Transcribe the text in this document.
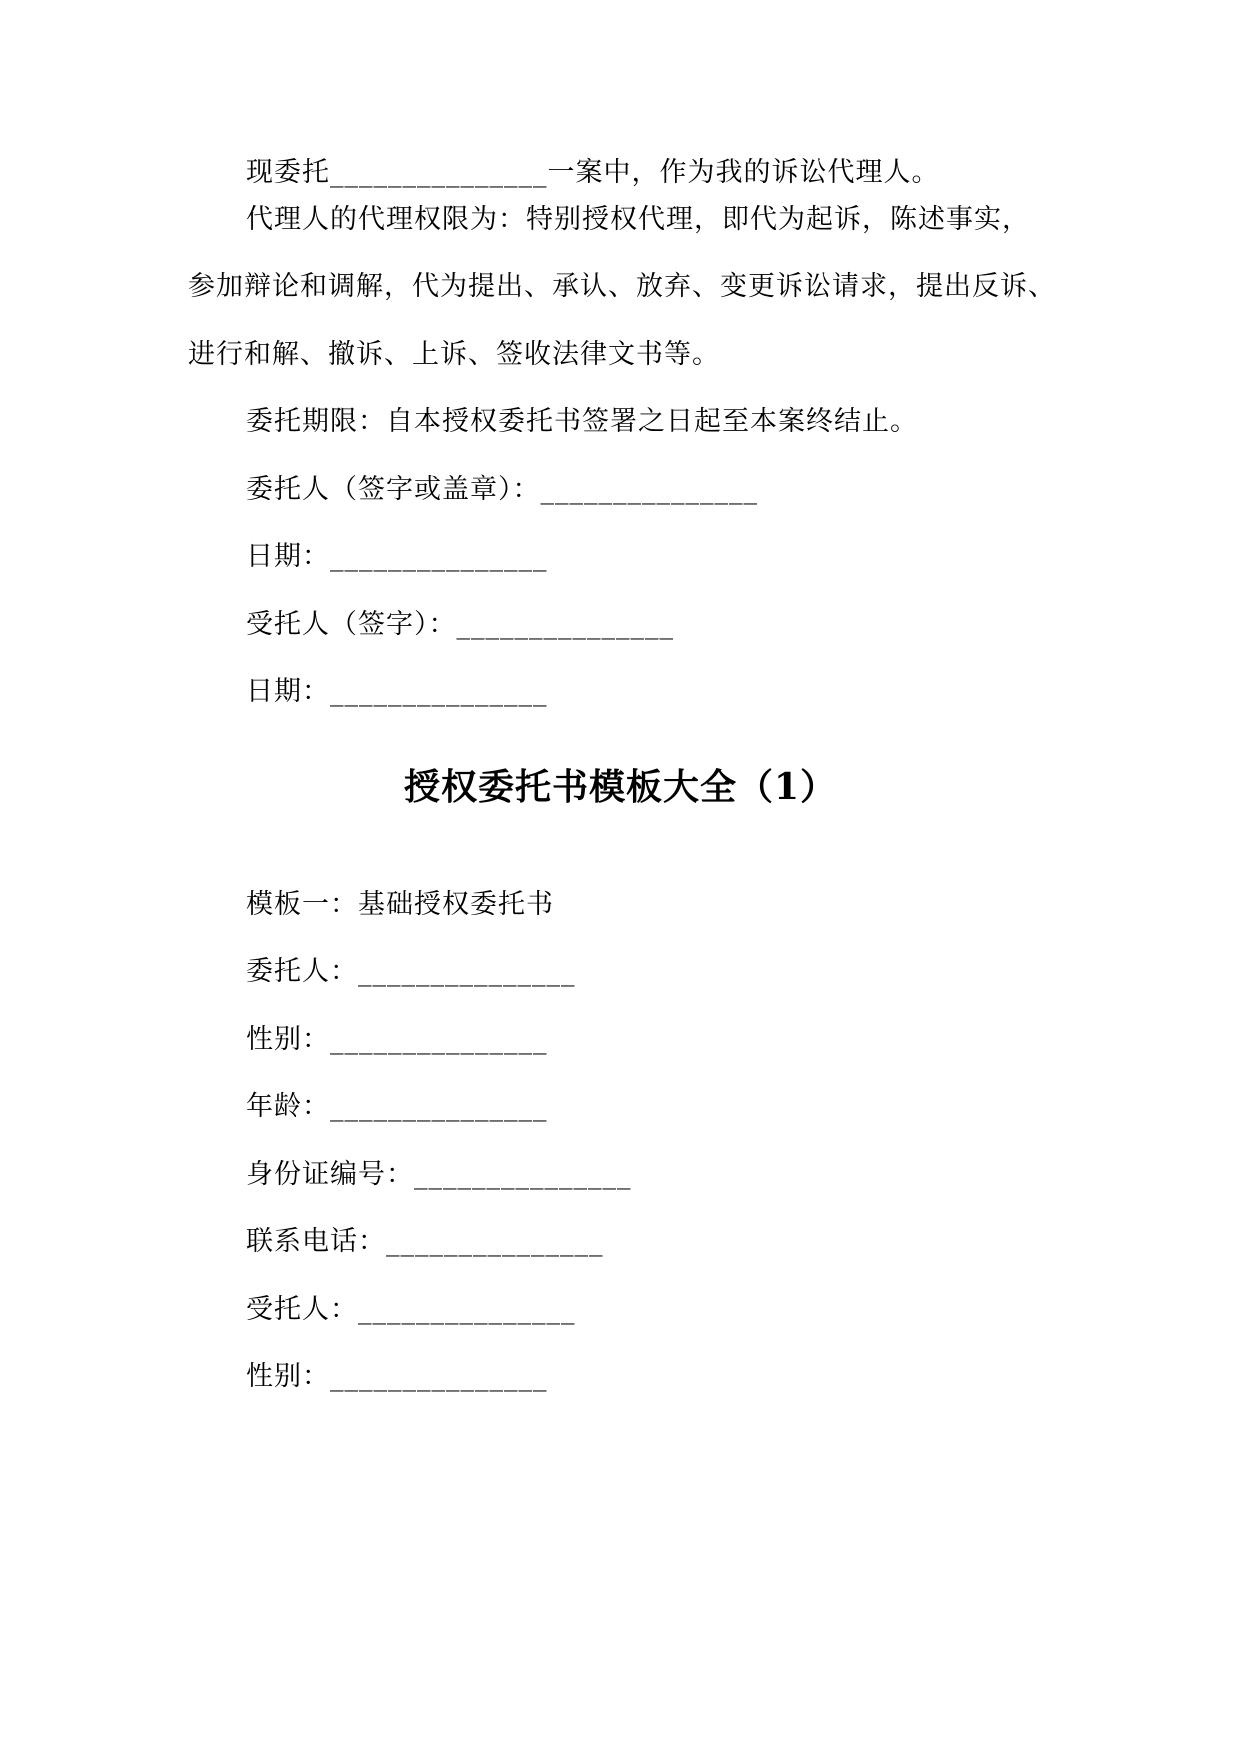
现委托_______________一案中，作为我的诉讼代理人。
代理人的代理权限为：特别授权代理，即代为起诉，陈述事实，
参加辩论和调解，代为提出、承认、放弃、变更诉讼请求，提出反诉、
进行和解、撤诉、上诉、签收法律文书等。
委托期限：自本授权委托书签署之日起至本案终结止。
委托人（签字或盖章）：_______________
日期：_______________
受托人（签字）：_______________
日期：_______________
授权委托书模板大全（1）
模板一：基础授权委托书
委托人：_______________
性别：_______________
年龄：_______________
身份证编号：_______________
联系电话：_______________
受托人：_______________
性别：_______________
